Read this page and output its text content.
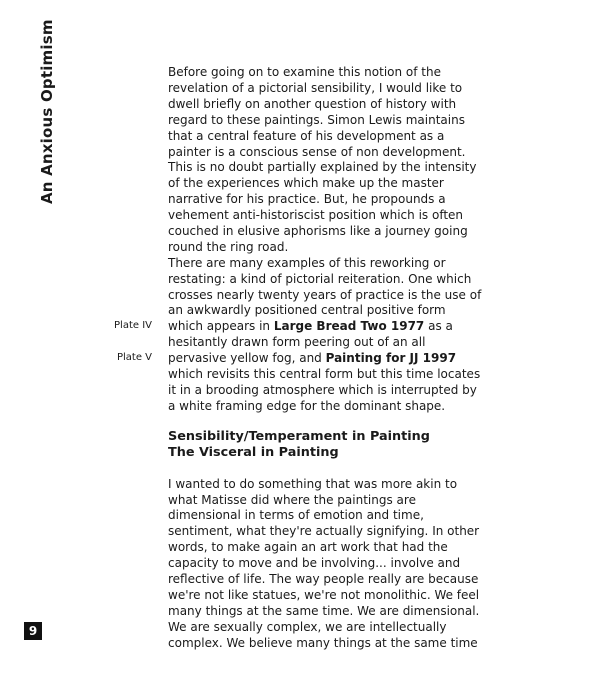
An Anxious Optimism
9
Plate IV
Plate V
Before going on to examine this notion of the
revelation of a pictorial sensibility, I would like to
dwell briefly on another question of history with
regard to these paintings. Simon Lewis maintains
that a central feature of his development as a
painter is a conscious sense of non development.
This is no doubt partially explained by the intensity
of the experiences which make up the master
narrative for his practice. But, he propounds a
vehement anti-historiscist position which is often
couched in elusive aphorisms like a journey going
round the ring road.
There are many examples of this reworking or
restating: a kind of pictorial reiteration. One which
crosses nearly twenty years of practice is the use of
an awkwardly positioned central positive form
which appears in Large Bread Two 1977 as a
hesitantly drawn form peering out of an all
pervasive yellow fog, and Painting for JJ 1997
which revisits this central form but this time locates
it in a brooding atmosphere which is interrupted by
a white framing edge for the dominant shape.
Sensibility/Temperament in Painting
The Visceral in Painting
I wanted to do something that was more akin to
what Matisse did where the paintings are
dimensional in terms of emotion and time,
sentiment, what they're actually signifying. In other
words, to make again an art work that had the
capacity to move and be involving... involve and
reflective of life. The way people really are because
we're not like statues, we're not monolithic. We feel
many things at the same time. We are dimensional.
We are sexually complex, we are intellectually
complex. We believe many things at the same time
